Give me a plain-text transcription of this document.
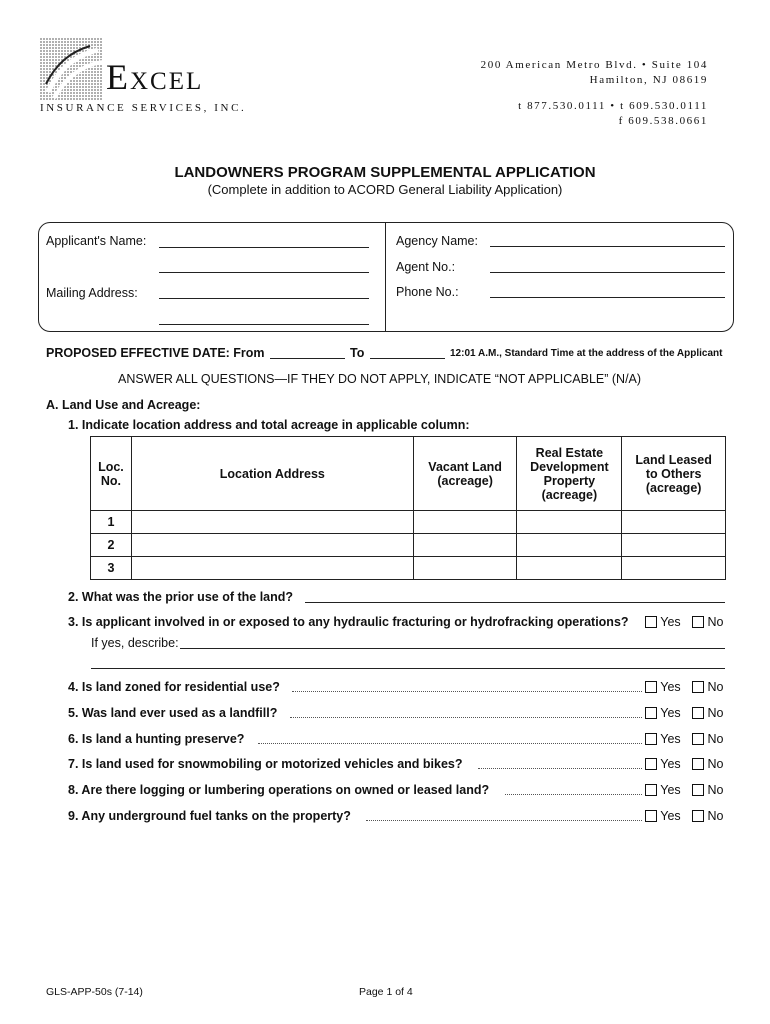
Excel
INSURANCE SERVICES, INC.
200 American Metro Blvd. • Suite 104
Hamilton, NJ 08619
t 877.530.0111 • t 609.530.0111
f 609.538.0661
LANDOWNERS PROGRAM SUPPLEMENTAL APPLICATION
(Complete in addition to ACORD General Liability Application)
Applicant's Name:
Mailing Address:
Agency Name:
Agent No.:
Phone No.:
PROPOSED EFFECTIVE DATE: From	To	12:01 A.M., Standard Time at the address of the Applicant
ANSWER ALL QUESTIONS—IF THEY DO NOT APPLY, INDICATE “NOT APPLICABLE” (N/A)
A. Land Use and Acreage:
1. Indicate location address and total acreage in applicable column:
Loc. No.	Location Address	Vacant Land (acreage)	Real Estate Development Property (acreage)	Land Leased to Others (acreage)
1				
2				
3				
2. What was the prior use of the land?
3. Is applicant involved in or exposed to any hydraulic fracturing or hydrofracking operations?	Yes	No
If yes, describe:
4. Is land zoned for residential use?	Yes	No
5. Was land ever used as a landfill?	Yes	No
6. Is land a hunting preserve?	Yes	No
7. Is land used for snowmobiling or motorized vehicles and bikes?	Yes	No
8. Are there logging or lumbering operations on owned or leased land?	Yes	No
9. Any underground fuel tanks on the property?	Yes	No
GLS-APP-50s (7-14)	Page 1 of 4
